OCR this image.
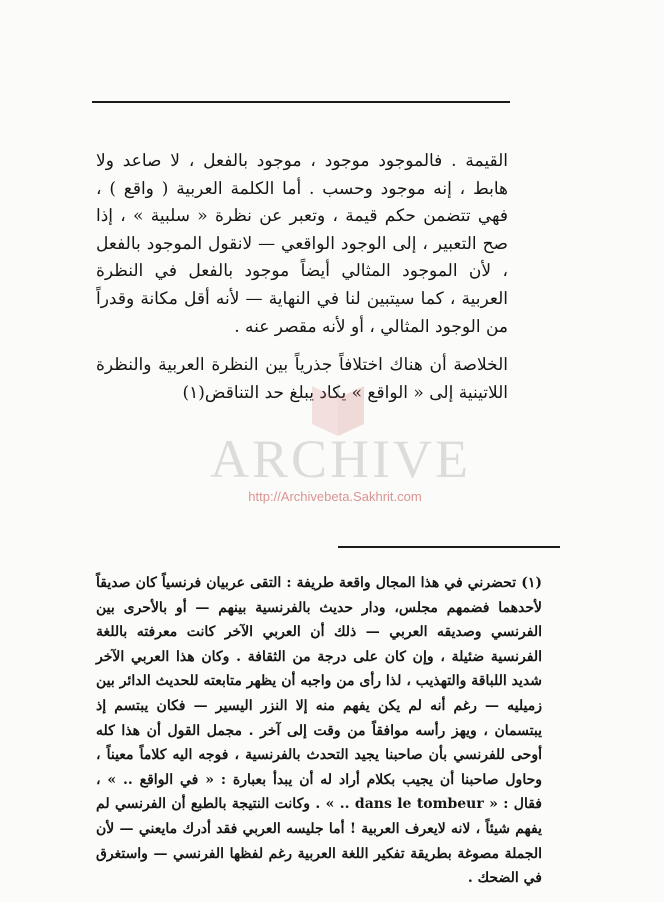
القيمة . فالموجود موجود ، موجود بالفعل ، لا صاعد ولا هابط ، إنه موجود وحسب . أما الكلمة العربية ( واقع ) ، فهي تتضمن حكم قيمة ، وتعبر عن نظرة « سلبية » ، إذا صح التعبير ، إلى الوجود الواقعي — لانقول الموجود بالفعل ، لأن الموجود المثالي أيضاً موجود بالفعل في النظرة العربية ، كما سيتبين لنا في النهاية — لأنه أقل مكانة وقدراً من الوجود المثالي ، أو لأنه مقصر عنه .

الخلاصة أن هناك اختلافاً جذرياً بين النظرة العربية والنظرة اللاتينية إلى « الواقع » يكاد يبلغ حد التناقض(١)

(١) تحضرني في هذا المجال واقعة طريفة : التقى عربيان فرنسياً كان صديقاً لأحدهما فضمهم مجلس، ودار حديث بالفرنسية بينهم — أو بالأحرى بين الفرنسي وصديقه العربي — ذلك أن العربي الآخر كانت معرفته باللغة الفرنسية ضئيلة ، وإن كان على درجة من الثقافة . وكان هذا العربي الآخر شديد اللباقة والتهذيب ، لذا رأى من واجبه أن يظهر متابعته للحديث الدائر بين زميليه — رغم أنه لم يكن يفهم منه إلا النزر اليسير — فكان يبتسم إذ يبتسمان ، ويهز رأسه موافقاً من وقت إلى آخر . مجمل القول أن هذا كله أوحى للفرنسي بأن صاحبنا يجيد التحدث بالفرنسية ، فوجه اليه كلاماً معيناً ، وحاول صاحبنا أن يجيب بكلام أراد له أن يبدأ بعبارة : « في الواقع .. » ، فقال : « dans le tombeur .. » . وكانت النتيجة بالطبع أن الفرنسي لم يفهم شيئاً ، لانه لايعرف العربية ! أما جليسه العربي فقد أدرك مايعني — لأن الجملة مصوغة بطريقة تفكير اللغة العربية رغم لفظها الفرنسي — واستغرق في الضحك .

ARCHIVE
http://Archivebeta.Sakhrit.com
